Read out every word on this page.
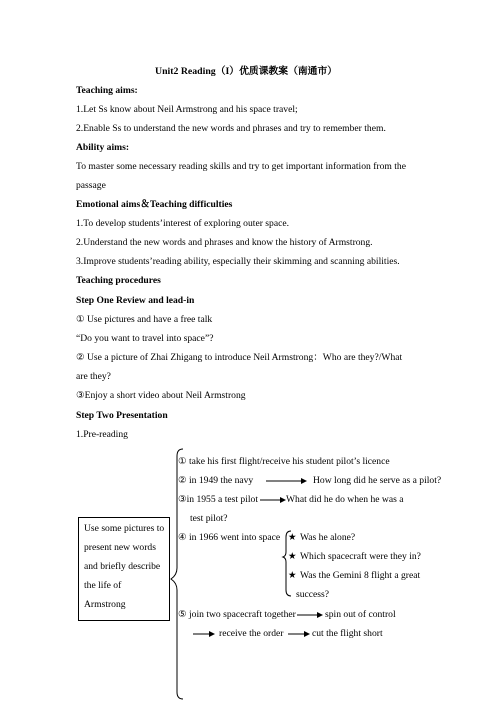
Unit2 Reading（I）优质课教案（南通市）
Teaching aims:
1.Let Ss know about Neil Armstrong and his space travel;
2.Enable Ss to understand the new words and phrases and try to remember them.
Ability aims:
To master some necessary reading skills and try to get important information from the
passage
Emotional aims＆Teaching difficulties
1.To develop students’interest of exploring outer space.
2.Understand the new words and phrases and know the history of Armstrong.
3.Improve students’reading ability, especially their skimming and scanning abilities.
Teaching procedures
Step One Review and lead-in
① Use pictures and have a free talk
“Do you want to travel into space”?
② Use a picture of Zhai Zhigang to introduce Neil Armstrong：Who are they?/What
are they?
③Enjoy a short video about Neil Armstrong
Step Two Presentation
1.Pre-reading
Use some pictures to
present new words
and briefly describe
the life of
Armstrong
① take his first flight/receive his student pilot’s licence
② in 1949 the navy	How long did he serve as a pilot?
③in 1955 a test pilot	What did he do when he was a
test pilot?
④ in 1966 went into space ★ Was he alone?
★ Which spacecraft were they in?
★ Was the Gemini 8 flight a great
success?
⑤ join two spacecraft together	spin out of control
receive the order	cut the flight short
